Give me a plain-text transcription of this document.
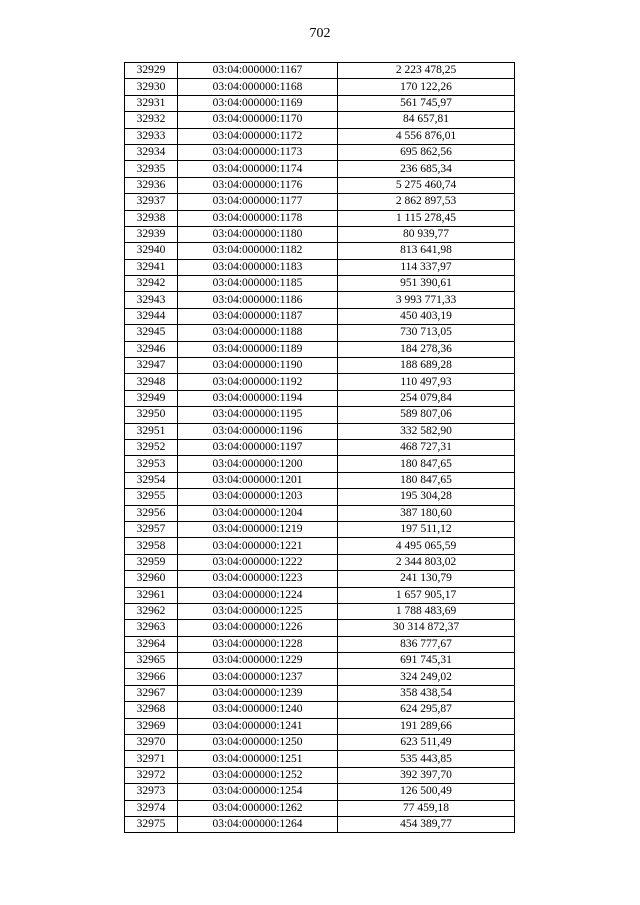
702
32929	03:04:000000:1167	2 223 478,25
32930	03:04:000000:1168	170 122,26
32931	03:04:000000:1169	561 745,97
32932	03:04:000000:1170	84 657,81
32933	03:04:000000:1172	4 556 876,01
32934	03:04:000000:1173	695 862,56
32935	03:04:000000:1174	236 685,34
32936	03:04:000000:1176	5 275 460,74
32937	03:04:000000:1177	2 862 897,53
32938	03:04:000000:1178	1 115 278,45
32939	03:04:000000:1180	80 939,77
32940	03:04:000000:1182	813 641,98
32941	03:04:000000:1183	114 337,97
32942	03:04:000000:1185	951 390,61
32943	03:04:000000:1186	3 993 771,33
32944	03:04:000000:1187	450 403,19
32945	03:04:000000:1188	730 713,05
32946	03:04:000000:1189	184 278,36
32947	03:04:000000:1190	188 689,28
32948	03:04:000000:1192	110 497,93
32949	03:04:000000:1194	254 079,84
32950	03:04:000000:1195	589 807,06
32951	03:04:000000:1196	332 582,90
32952	03:04:000000:1197	468 727,31
32953	03:04:000000:1200	180 847,65
32954	03:04:000000:1201	180 847,65
32955	03:04:000000:1203	195 304,28
32956	03:04:000000:1204	387 180,60
32957	03:04:000000:1219	197 511,12
32958	03:04:000000:1221	4 495 065,59
32959	03:04:000000:1222	2 344 803,02
32960	03:04:000000:1223	241 130,79
32961	03:04:000000:1224	1 657 905,17
32962	03:04:000000:1225	1 788 483,69
32963	03:04:000000:1226	30 314 872,37
32964	03:04:000000:1228	836 777,67
32965	03:04:000000:1229	691 745,31
32966	03:04:000000:1237	324 249,02
32967	03:04:000000:1239	358 438,54
32968	03:04:000000:1240	624 295,87
32969	03:04:000000:1241	191 289,66
32970	03:04:000000:1250	623 511,49
32971	03:04:000000:1251	535 443,85
32972	03:04:000000:1252	392 397,70
32973	03:04:000000:1254	126 500,49
32974	03:04:000000:1262	77 459,18
32975	03:04:000000:1264	454 389,77
